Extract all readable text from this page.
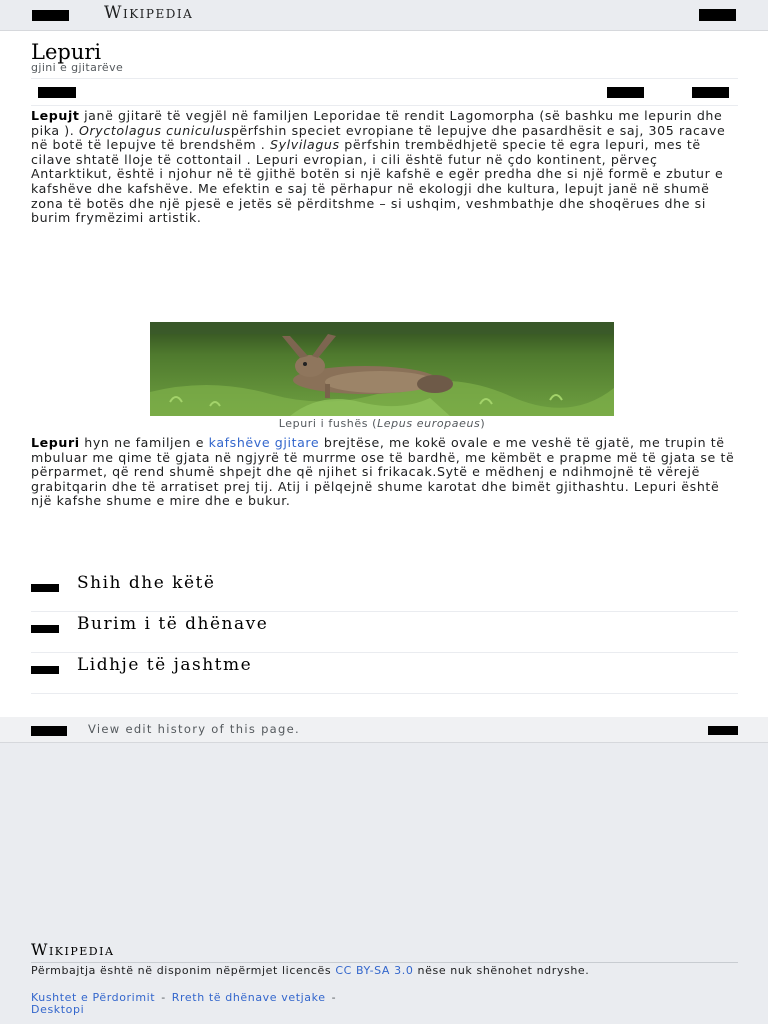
Wikipedia
Lepuri
gjini e gjitarëve
Lepujt janë gjitarë të vegjël në familjen Leporidae të rendit Lagomorpha (së bashku me lepurin dhe pika ). Oryctolagus cuniculuspërfshin speciet evropiane të lepujve dhe pasardhësit e saj, 305 racave në botë të lepujve të brendshëm . Sylvilagus përfshin trembëdhjetë specie të egra lepuri, mes të cilave shtatë lloje të cottontail . Lepuri evropian, i cili është futur në çdo kontinent, përveç Antarktikut, është i njohur në të gjithë botën si një kafshë e egër predha dhe si një formë e zbutur e kafshëve dhe kafshëve. Me efektin e saj të përhapur në ekologji dhe kultura, lepujt janë në shumë zona të botës dhe një pjesë e jetës së përditshme – si ushqim, veshmbathje dhe shoqërues dhe si burim frymëzimi artistik.
Lepuri i fushës (Lepus europaeus)
Lepuri hyn ne familjen e kafshëve gjitare brejtëse, me kokë ovale e me veshë të gjatë, me trupin të mbuluar me qime të gjata në ngjyrë të murrme ose të bardhë, me këmbët e prapme më të gjata se të përparmet, që rend shumë shpejt dhe që njihet si frikacak.Sytë e mëdhenj e ndihmojnë të vërejë grabitqarin dhe të arratiset prej tij. Atij i pëlqejnë shume karotat dhe bimët gjithashtu. Lepuri është një kafshe shume e mire dhe e bukur.
Shih dhe këtë
Burim i të dhënave
Lidhje të jashtme
View edit history of this page.
Wikipedia
Përmbajtja është në disponim nëpërmjet licencës CC BY-SA 3.0 nëse nuk shënohet ndryshe.
Kushtet e Përdorimit - Rreth të dhënave vetjake -
Desktopi
